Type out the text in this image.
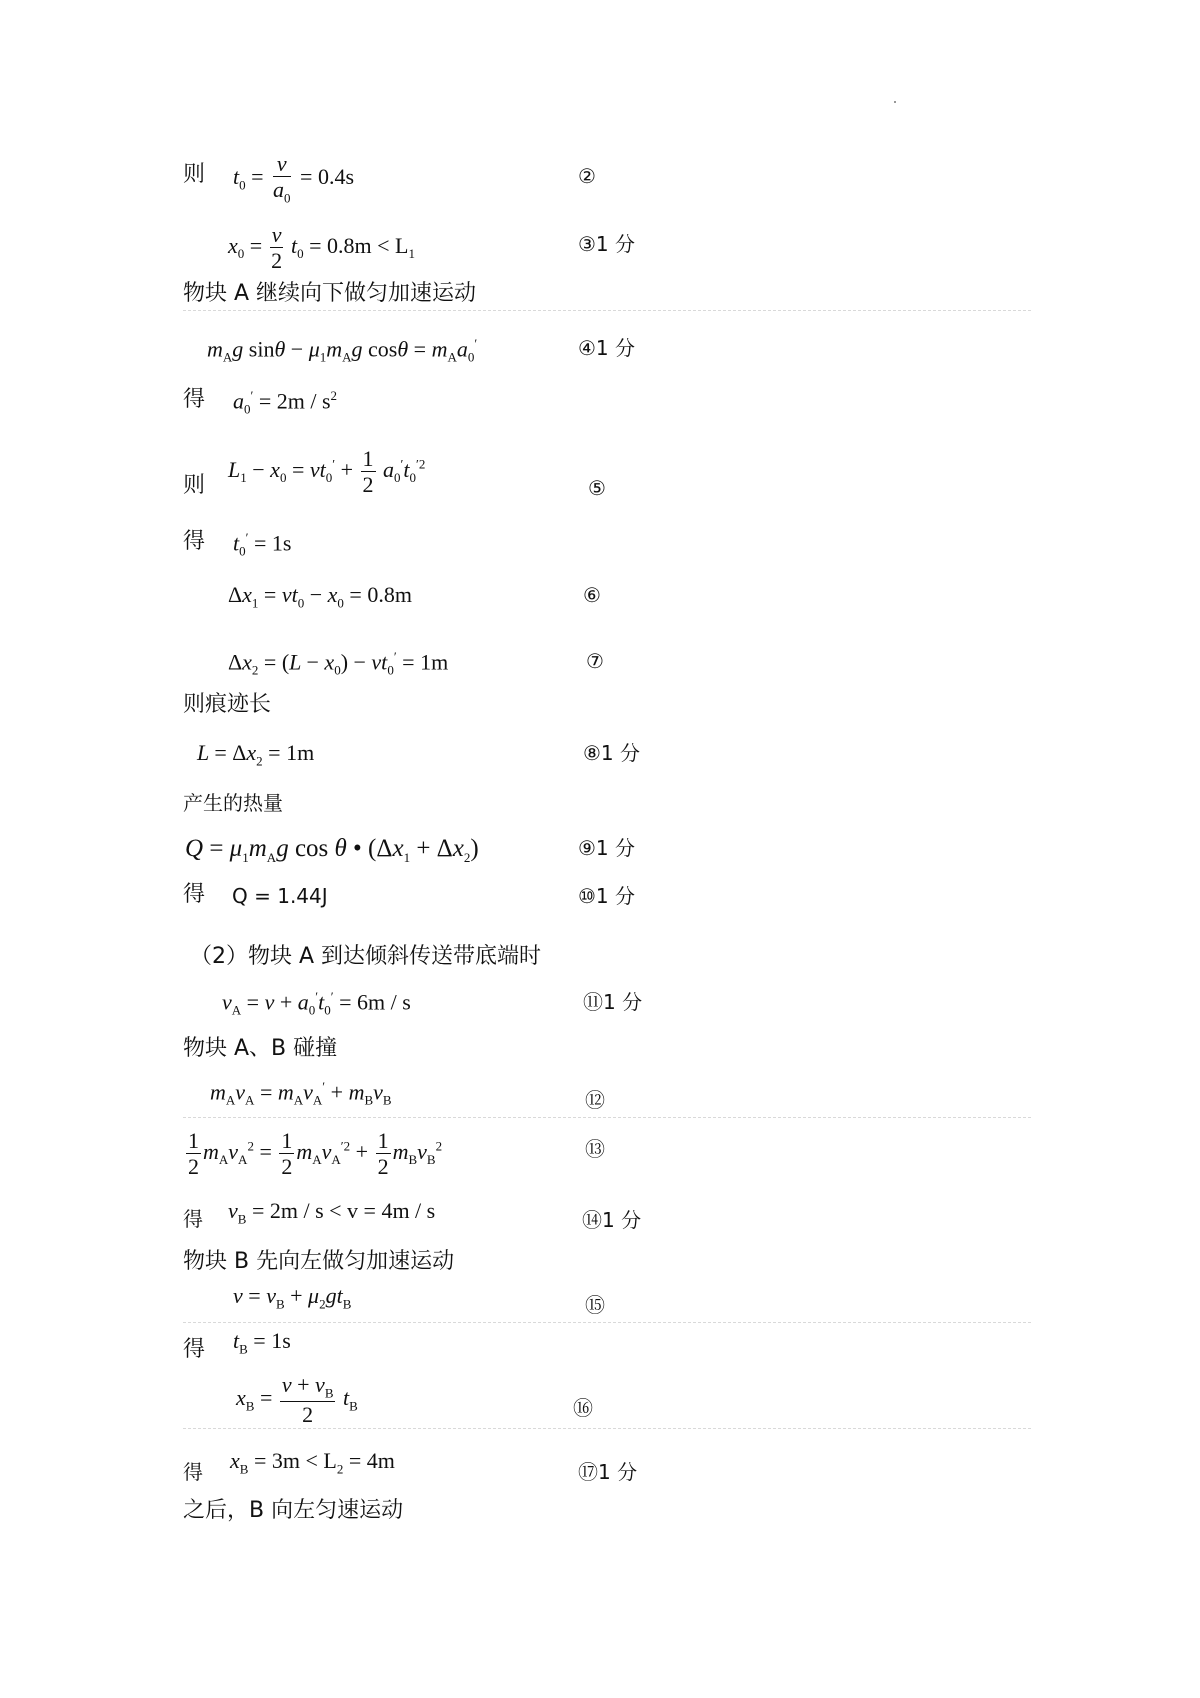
则 $t_0 = \frac{v}{a_0} = 0.4s$	②
$x_0 = \frac{v}{2} t_0 = 0.8m < L_1$	③1 分
物块 A 继续向下做匀加速运动
$m_Ag$ $\sin\theta - \mu_1m_Ag$ $\cos\theta = m_Aa_0'$	④1 分
得 $a_0' = 2m / s^2$
$L_1 - x_0 = vt_0' + \frac{1}{2} a_0't_0^{'2}$
则	⑤
得 $t_0' = 1s$
$\Delta x_1 = vt_0 - x_0 = 0.8m$	⑥
$\Delta x_2 = (L - x_0) - vt_0' = 1m$	⑦
则痕迹长
$L = \Delta x_2 = 1m$	⑧1 分
产生的热量
$Q = \mu_1m_Ag$ cos θ • $(\Delta x_1 + \Delta x_2)$	⑨1 分
得 Q = 1.44J	⑩1 分
（2）物块 A 到达倾斜传送带底端时
$v_A = v + a_0't_0' = 6m / s$	⑪1 分
物块 A、B 碰撞
$m_Av_A = m_Av_A' + m_Bv_B$	⑫
$\frac{1}{2} m_Av_A^2 = \frac{1}{2} m_Av_A^{'2} + \frac{1}{2} m_Bv_B^2$	⑬
得 $v_B = 2m / s < v = 4m / s$	⑭1 分
物块 B 先向左做匀加速运动
$v = v_B + \mu_2gt_B$	⑮
得 $t_B = 1s$
$x_B = \frac{v + v_B}{2} t_B$	⑯
得 $x_B = 3m < L_2 = 4m$	⑰1 分
之后，B 向左匀速运动
